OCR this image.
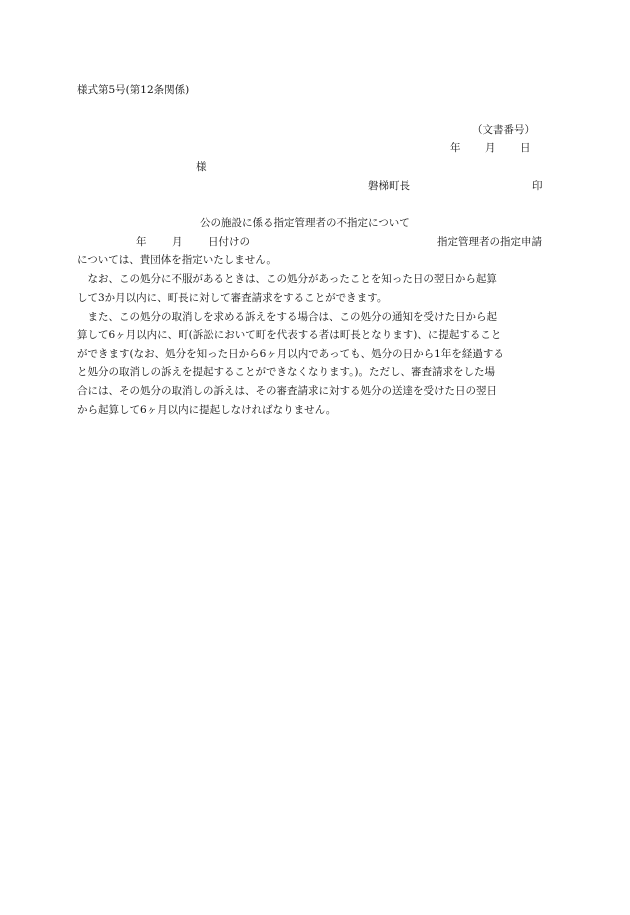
様式第5号(第12条関係)
（文書番号）
年 月 日
様
磐梯町長	印
公の施設に係る指定管理者の不指定について
年 月 日付けの	指定管理者の指定申請
については、貴団体を指定いたしません。
　なお、この処分に不服があるときは、この処分があったことを知った日の翌日から起算
して3か月以内に、町長に対して審査請求をすることができます。
　また、この処分の取消しを求める訴えをする場合は、この処分の通知を受けた日から起
算して6ヶ月以内に、町(訴訟において町を代表する者は町長となります)、に提起すること
ができます(なお、処分を知った日から6ヶ月以内であっても、処分の日から1年を経過する
と処分の取消しの訴えを提起することができなくなります。)。ただし、審査請求をした場
合には、その処分の取消しの訴えは、その審査請求に対する処分の送達を受けた日の翌日
から起算して6ヶ月以内に提起しなければなりません。
